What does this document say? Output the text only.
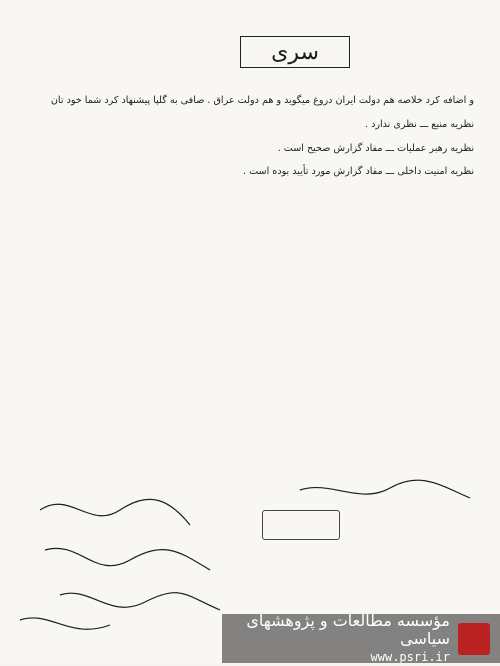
سری

و اضافه کرد خلاصه هم دولت ایران دروغ میگوید و هم دولت عراق . صافی به گلپا پیشنهاد کرد شما خود تان

نظریه منبع ـــ نظری ندارد .

نظریه رهبر عملیات ـــ مفاد گزارش صحیح است .

نظریه امنیت داخلی ـــ مفاد گزارش مورد تأیید بوده است .

مؤسسه مطالعات و پژوهشهای سیاسی
www.psri.ir
